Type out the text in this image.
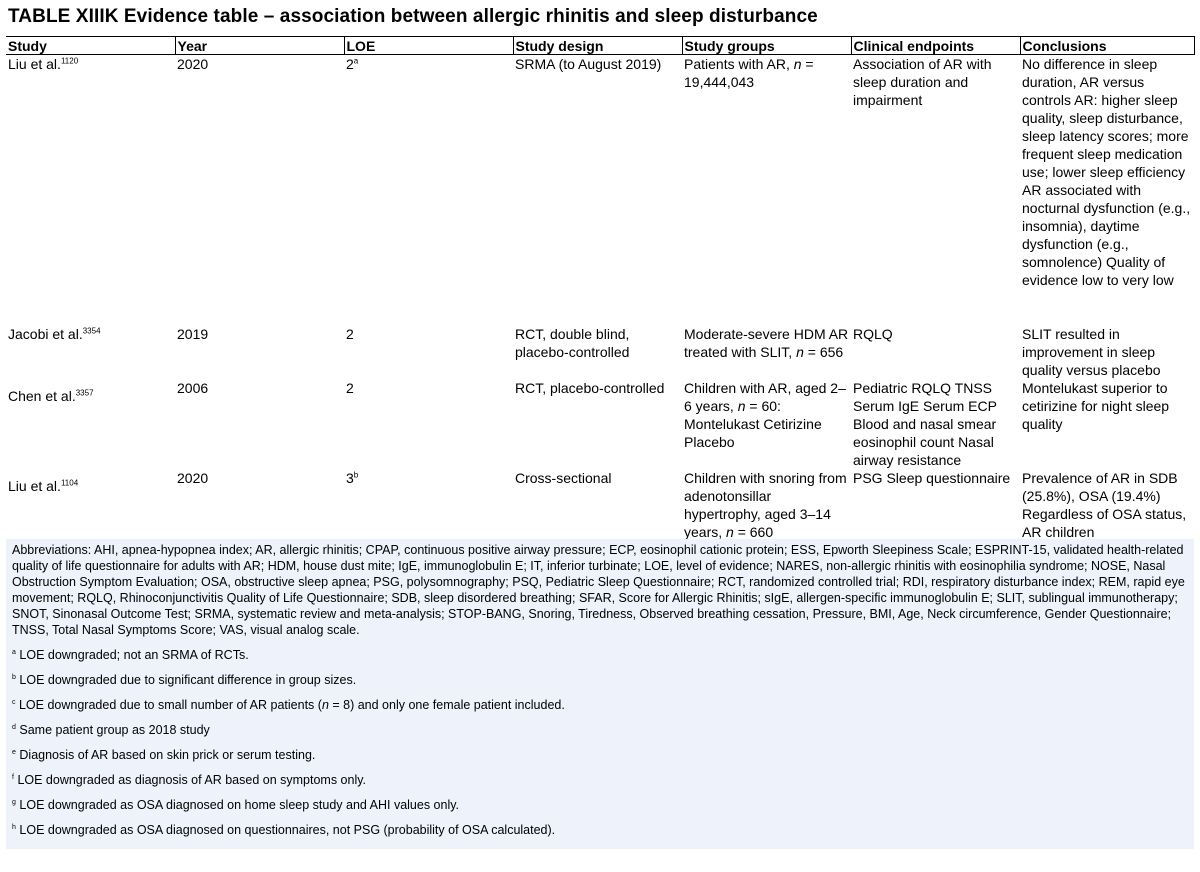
TABLE XIIIK Evidence table – association between allergic rhinitis and sleep disturbance
Study	Year	LOE	Study design	Study groups	Clinical endpoints	Conclusions
Liu et al.$^{1120}$	2020	2$^a$	SRMA (to August 2019)	Patients with AR, n = 19,444,043	Association of AR with sleep duration and impairment	No difference in sleep duration, AR versus controls AR: higher sleep quality, sleep disturbance, sleep latency scores; more frequent sleep medication use; lower sleep efficiency AR associated with nocturnal dysfunction (e.g., insomnia), daytime dysfunction (e.g., somnolence) Quality of evidence low to very low
Jacobi et al.$^{3354}$	2019	2	RCT, double blind, placebo-controlled	Moderate-severe HDM AR treated with SLIT, n = 656	RQLQ	SLIT resulted in improvement in sleep quality versus placebo
Chen et al.$^{3357}$	2006	2	RCT, placebo-controlled	Children with AR, aged 2–6 years, n = 60: Montelukast Cetirizine Placebo	Pediatric RQLQ TNSS Serum IgE Serum ECP Blood and nasal smear eosinophil count Nasal airway resistance	Montelukast superior to cetirizine for night sleep quality
Liu et al.$^{1104}$	2020	3$^b$	Cross-sectional	Children with snoring from adenotonsillar hypertrophy, aged 3–14 years, n = 660	PSG Sleep questionnaire	Prevalence of AR in SDB (25.8%), OSA (19.4%) Regardless of OSA status, AR children
Abbreviations: AHI, apnea-hypopnea index; AR, allergic rhinitis; CPAP, continuous positive airway pressure; ECP, eosinophil cationic protein; ESS, Epworth Sleepiness Scale; ESPRINT-15, validated health-related quality of life questionnaire for adults with AR; HDM, house dust mite; IgE, immunoglobulin E; IT, inferior turbinate; LOE, level of evidence; NARES, non-allergic rhinitis with eosinophilia syndrome; NOSE, Nasal Obstruction Symptom Evaluation; OSA, obstructive sleep apnea; PSG, polysomnography; PSQ, Pediatric Sleep Questionnaire; RCT, randomized controlled trial; RDI, respiratory disturbance index; REM, rapid eye movement; RQLQ, Rhinoconjunctivitis Quality of Life Questionnaire; SDB, sleep disordered breathing; SFAR, Score for Allergic Rhinitis; sIgE, allergen-specific immunoglobulin E; SLIT, sublingual immunotherapy; SNOT, Sinonasal Outcome Test; SRMA, systematic review and meta-analysis; STOP-BANG, Snoring, Tiredness, Observed breathing cessation, Pressure, BMI, Age, Neck circumference, Gender Questionnaire; TNSS, Total Nasal Symptoms Score; VAS, visual analog scale.
$^a$ LOE downgraded; not an SRMA of RCTs.
$^b$ LOE downgraded due to significant difference in group sizes.
$^c$ LOE downgraded due to small number of AR patients (n = 8) and only one female patient included.
$^d$ Same patient group as 2018 study
$^e$ Diagnosis of AR based on skin prick or serum testing.
$^f$ LOE downgraded as diagnosis of AR based on symptoms only.
$^g$ LOE downgraded as OSA diagnosed on home sleep study and AHI values only.
$^h$ LOE downgraded as OSA diagnosed on questionnaires, not PSG (probability of OSA calculated).
